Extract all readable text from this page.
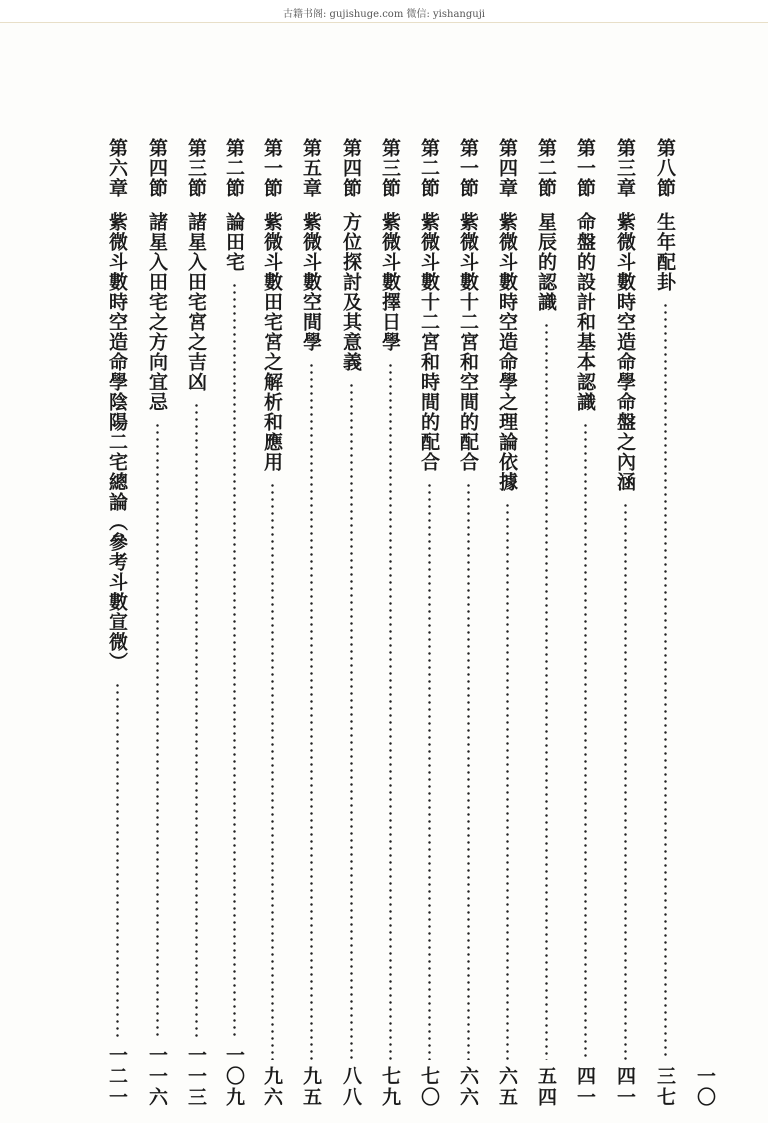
古籍书阁: gujishuge.com 微信: yishanguji
一〇
第八節
生年配卦
三七
第三章
紫微斗數時空造命學命盤之內涵
四一
第一節
命盤的設計和基本認識
四一
第二節
星辰的認識
五四
第四章
紫微斗數時空造命學之理論依據
六五
第一節
紫微斗數十二宮和空間的配合
六六
第二節
紫微斗數十二宮和時間的配合
七〇
第三節
紫微斗數擇日學
七九
第四節
方位探討及其意義
八八
第五章
紫微斗數空間學
九五
第一節
紫微斗數田宅宮之解析和應用
九六
第二節
論田宅
一〇九
第三節
諸星入田宅宮之吉凶
一一三
第四節
諸星入田宅之方向宜忌
一一六
第六章
紫微斗數時空造命學陰陽二宅總論︵參考斗數宣微︶
一二一
